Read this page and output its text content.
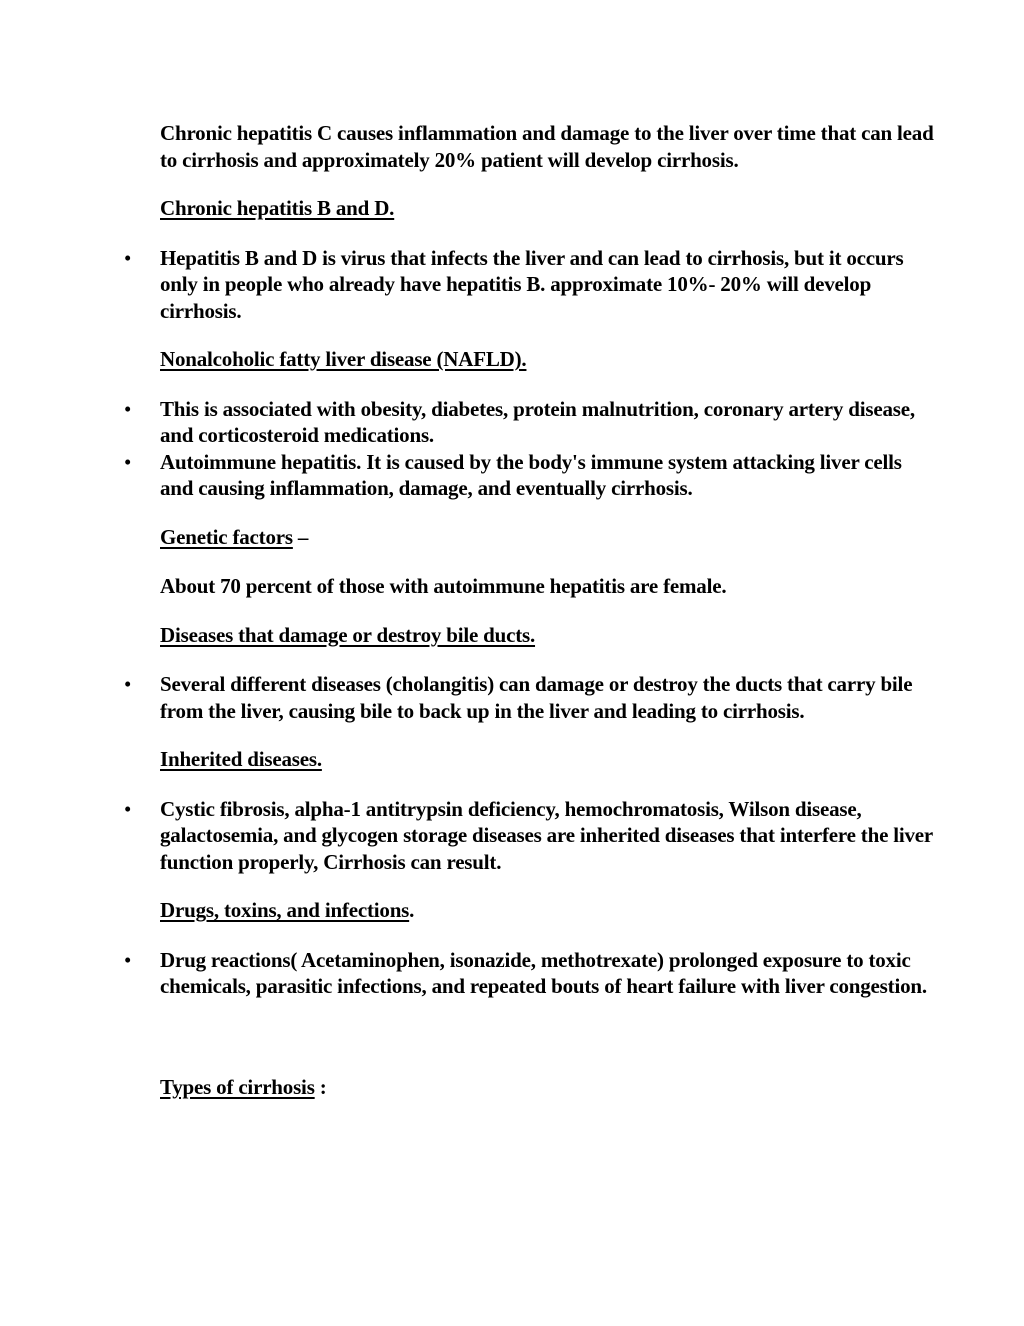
Chronic hepatitis C causes inflammation and damage to the liver over time that can lead to cirrhosis and approximately 20% patient will develop cirrhosis.

Chronic hepatitis B and D.

• Hepatitis B and D is virus that infects the liver and can lead to cirrhosis, but it occurs only in people who already have hepatitis B. approximate 10%- 20% will develop cirrhosis.

Nonalcoholic fatty liver disease (NAFLD).

• This is associated with obesity, diabetes, protein malnutrition, coronary artery disease, and corticosteroid medications.

• Autoimmune hepatitis. It is caused by the body's immune system attacking liver cells and causing inflammation, damage, and eventually cirrhosis.

Genetic factors –

About 70 percent of those with autoimmune hepatitis are female.

Diseases that damage or destroy bile ducts.

• Several different diseases (cholangitis) can damage or destroy the ducts that carry bile from the liver, causing bile to back up in the liver and leading to cirrhosis.

Inherited diseases.

• Cystic fibrosis, alpha-1 antitrypsin deficiency, hemochromatosis, Wilson disease, galactosemia, and glycogen storage diseases are inherited diseases that interfere the liver function properly, Cirrhosis can result.

Drugs, toxins, and infections.

• Drug reactions( Acetaminophen, isonazide, methotrexate) prolonged exposure to toxic chemicals, parasitic infections, and repeated bouts of heart failure with liver congestion.

Types of cirrhosis :
